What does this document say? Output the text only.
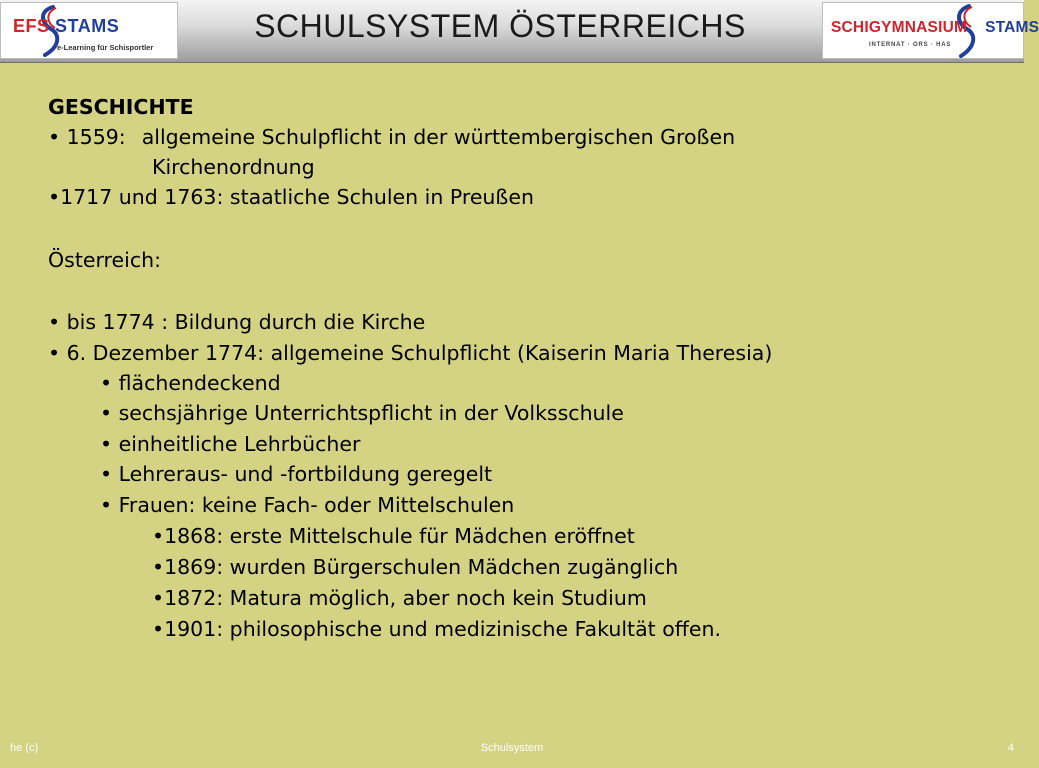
EFS STAMS
e-Learning für Schisportler
SCHULSYSTEM ÖSTERREICHS	SCHIGYMNASIUM STAMS
INTERNAT · ORS · HAS
GESCHICHTE
• 1559: allgemeine Schulpflicht in der württembergischen Großen
Kirchenordnung
•1717 und 1763: staatliche Schulen in Preußen
Österreich:
• bis 1774 : Bildung durch die Kirche
• 6. Dezember 1774: allgemeine Schulpflicht (Kaiserin Maria Theresia)
• flächendeckend
• sechsjährige Unterrichtspflicht in der Volksschule
• einheitliche Lehrbücher
• Lehreraus- und -fortbildung geregelt
• Frauen: keine Fach- oder Mittelschulen
•1868: erste Mittelschule für Mädchen eröffnet
•1869: wurden Bürgerschulen Mädchen zugänglich
•1872: Matura möglich, aber noch kein Studium
•1901: philosophische und medizinische Fakultät offen.
he (c)	Schulsystem	4
